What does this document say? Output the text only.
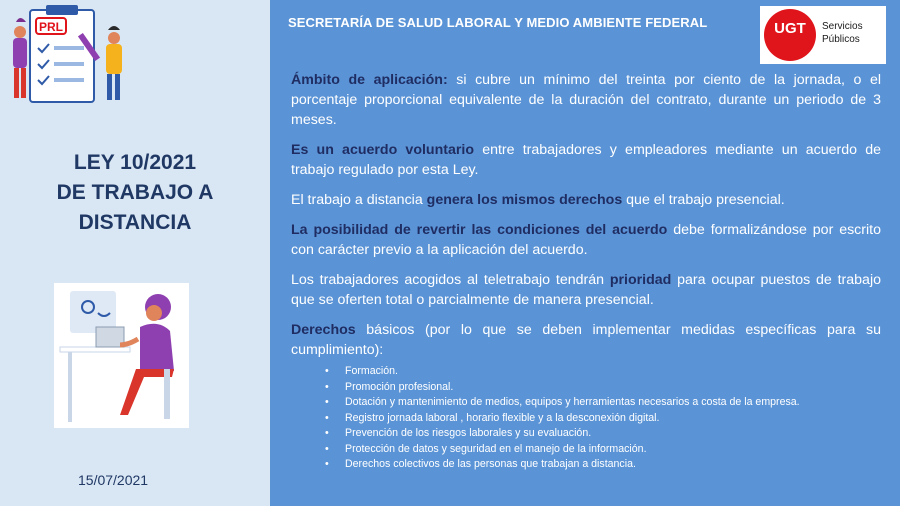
PRL
LEY 10/2021
DE TRABAJO A
DISTANCIA
15/07/2021
SECRETARÍA DE SALUD LABORAL Y MEDIO AMBIENTE FEDERAL	UGT	Servicios
Públicos

Ámbito de aplicación: si cubre un mínimo del treinta por ciento de la jornada, o el porcentaje proporcional equivalente de la duración del contrato, durante un periodo de 3 meses.

Es un acuerdo voluntario entre trabajadores y empleadores mediante un acuerdo de trabajo regulado por esta Ley.

El trabajo a distancia genera los mismos derechos que el trabajo presencial.

La posibilidad de revertir las condiciones del acuerdo debe formalizándose por escrito con carácter previo a la aplicación del acuerdo.

Los trabajadores acogidos al teletrabajo tendrán prioridad para ocupar puestos de trabajo que se oferten total o parcialmente de manera presencial.

Derechos básicos (por lo que se deben implementar medidas específicas para su cumplimiento):

• Formación.
• Promoción profesional.
• Dotación y mantenimiento de medios, equipos y herramientas necesarios a costa de la empresa.
• Registro jornada laboral , horario flexible y a la desconexión digital.
• Prevención de los riesgos laborales y su evaluación.
• Protección de datos y seguridad en el manejo de la información.
• Derechos colectivos de las personas que trabajan a distancia.
